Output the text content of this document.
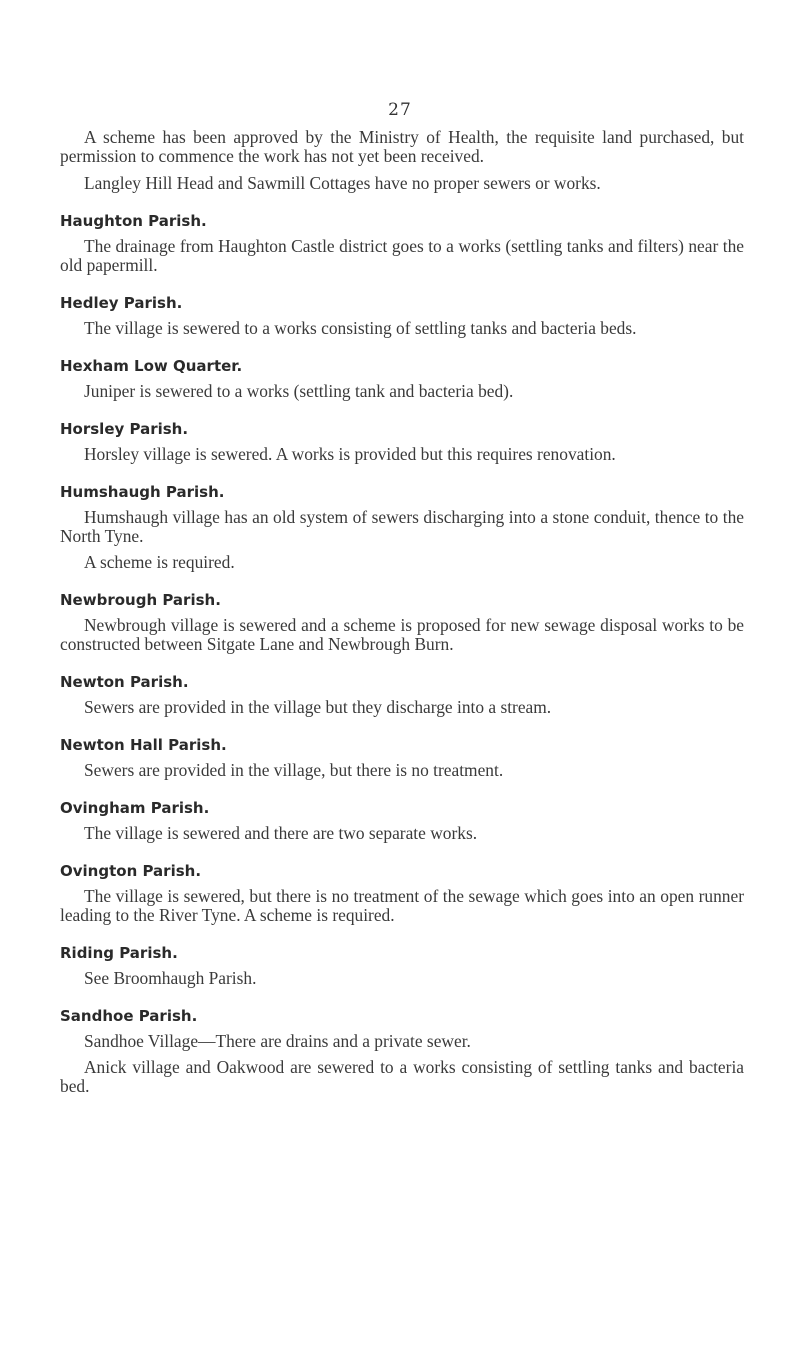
27

A scheme has been approved by the Ministry of Health, the requisite land purchased, but permission to commence the work has not yet been received.

Langley Hill Head and Sawmill Cottages have no proper sewers or works.

Haughton Parish.

The drainage from Haughton Castle district goes to a works (settling tanks and filters) near the old papermill.

Hedley Parish.

The village is sewered to a works consisting of settling tanks and bacteria beds.

Hexham Low Quarter.

Juniper is sewered to a works (settling tank and bacteria bed).

Horsley Parish.

Horsley village is sewered. A works is provided but this requires renovation.

Humshaugh Parish.

Humshaugh village has an old system of sewers discharging into a stone conduit, thence to the North Tyne.

A scheme is required.

Newbrough Parish.

Newbrough village is sewered and a scheme is proposed for new sewage disposal works to be constructed between Sitgate Lane and Newbrough Burn.

Newton Parish.

Sewers are provided in the village but they discharge into a stream.

Newton Hall Parish.

Sewers are provided in the village, but there is no treatment.

Ovingham Parish.

The village is sewered and there are two separate works.

Ovington Parish.

The village is sewered, but there is no treatment of the sewage which goes into an open runner leading to the River Tyne. A scheme is required.

Riding Parish.

See Broomhaugh Parish.

Sandhoe Parish.

Sandhoe Village—There are drains and a private sewer.

Anick village and Oakwood are sewered to a works consisting of settling tanks and bacteria bed.
